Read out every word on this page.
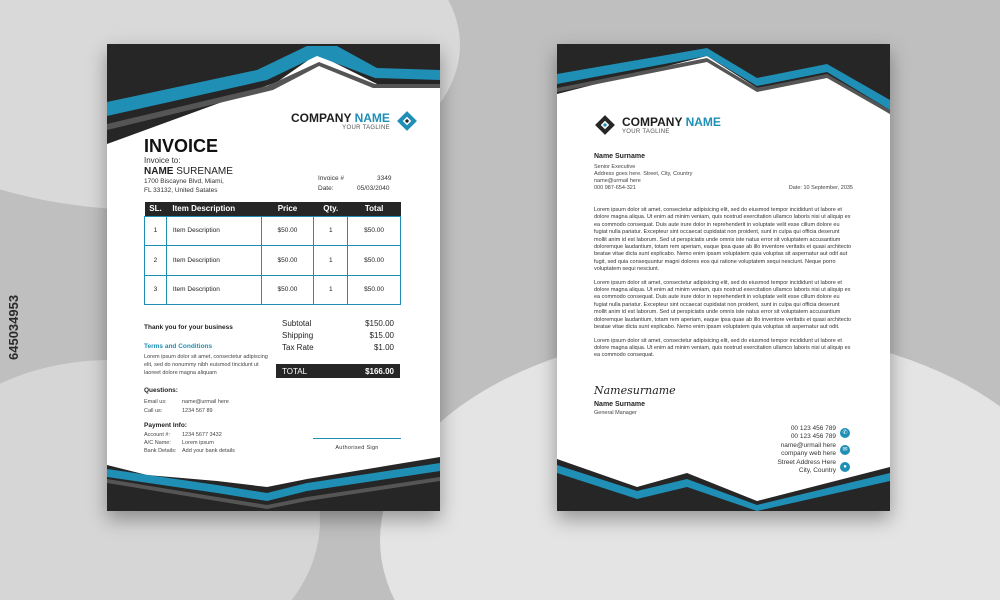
645034953
COMPANY NAME
YOUR TAGLINE
INVOICE
Invoice to:
NAME SURENAME
1700 Biscayne Blvd, Miami,
FL 33132, United Satates
Invoice #	3349
Date:	05/03/2040
SL.	Item Description	Price	Qty.	Total
1	Item Description	$50.00	1	$50.00
2	Item Description	$50.00	1	$50.00
3	Item Description	$50.00	1	$50.00
Thank you for your business	Subtotal	$150.00
Shipping	$15.00
Tax Rate	$1.00
TOTAL	$166.00
Terms and Conditions
Lorem ipsum dolor sit amet, consectetur adipiscing
elit, sed do nonummy nibh euismod tincidunt ut
laoreet dolore magna aliquam
Questions:
Email us:	name@urmail here
Call us:	1234 567 89
Payment Info:
Account #:	1234 5677 3432
A/C Name:	Lorem ipsum
Bank Details:	Add your bank details	Authorised Sign
COMPANY NAME
YOUR TAGLINE
Name Surname
Senior Executive
Address goes here. Street, City, Country
name@urmail here
000 987-654-321	Date: 10 September, 2035

Lorem ipsum dolor sit amet, consectetur adipisicing elit, sed do eiusmod tempor incididunt ut labore et dolore magna aliqua. Ut enim ad minim veniam, quis nostrud exercitation ullamco laboris nisi ut aliquip ex ea commodo consequat. Duis aute irure dolor in reprehenderit in voluptate velit esse cillum dolore eu fugiat nulla pariatur. Excepteur sint occaecat cupidatat non proident, sunt in culpa qui officia deserunt mollit anim id est laborum. Sed ut perspiciatis unde omnis iste natus error sit voluptatem accusantium doloremque laudantium, totam rem aperiam, eaque ipsa quae ab illo inventore veritatis et quasi architecto beatae vitae dicta sunt explicabo. Nemo enim ipsam voluptatem quia voluptas sit aspernatur aut odit aut fugit, sed quia consequuntur magni dolores eos qui ratione voluptatem sequi nesciunt. Neque porro voluptatem sequi nesciunt.

Lorem ipsum dolor sit amet, consectetur adipisicing elit, sed do eiusmod tempor incididunt ut labore et dolore magna aliqua. Ut enim ad minim veniam, quis nostrud exercitation ullamco laboris nisi ut aliquip ex ea commodo consequat. Duis aute irure dolor in reprehenderit in voluptate velit esse cillum dolore eu fugiat nulla pariatur. Excepteur sint occaecat cupidatat non proident, sunt in culpa qui officia deserunt mollit anim id est laborum. Sed ut perspiciatis unde omnis iste natus error sit voluptatem accusantium doloremque laudantium, totam rem aperiam, eaque ipsa quae ab illo inventore veritatis et quasi architecto beatae vitae dicta sunt explicabo. Nemo enim ipsam voluptatem quia voluptas sit aspernatur aut odit.

Lorem ipsum dolor sit amet, consectetur adipisicing elit, sed do eiusmod tempor incididunt ut labore et dolore magna aliqua. Ut enim ad minim veniam, quis nostrud exercitation ullamco laboris nisi ut aliquip ex ea commodo consequat.

Namesurname
Name Surname
General Manager
00 123 456 789
00 123 456 789	✆
name@urmail here
company web here	✉
Street Address Here
City, Country	●
